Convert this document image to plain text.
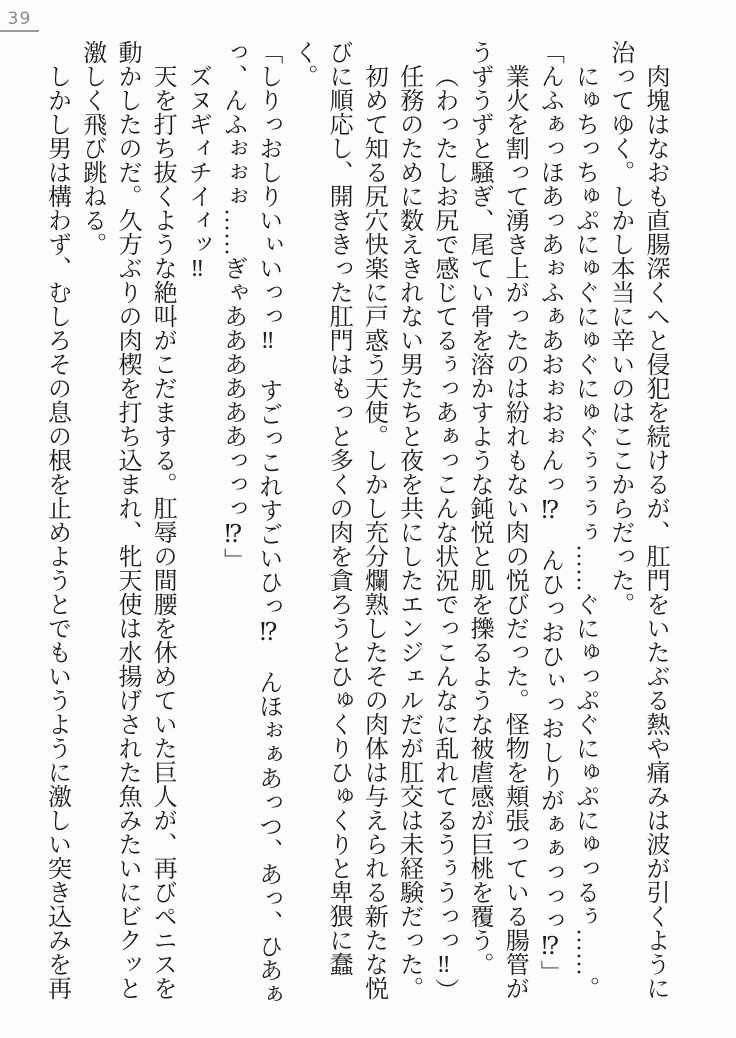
39

肉塊はなおも直腸深くへと侵犯を続けるが、肛門をいたぶる熱や痛みは波が引くように治ってゆく。しかし本当に辛いのはここからだった。

にゅちっちゅぷにゅぐにゅぐにゅぐぅぅぅぅ……ぐにゅっぷぐにゅぷにゅっるぅ……。

「んふぁっほあっあぉふぁあおぉおぉんっ⁉　んひっおひぃっおしりがぁぁっっっ⁉」

業火を割って湧き上がったのは紛れもない肉の悦びだった。怪物を頬張っている腸管がうずうずと騒ぎ、尾てい骨を溶かすような鈍悦と肌を擽るような被虐感が巨桃を覆う。

（わったしお尻で感じてるぅっあぁっこんな状況でっこんなに乱れてるうぅうっっ‼）

任務のために数えきれない男たちと夜を共にしたエンジェルだが肛交は未経験だった。

初めて知る尻穴快楽に戸惑う天使。しかし充分爛熟したその肉体は与えられる新たな悦びに順応し、開ききった肛門はもっと多くの肉を貪ろうとひゅくりひゅくりと卑猥に蠢く。

「しりっおしりいぃいっっ‼　すごっこれすごいひっ⁉　んほぉぁあっつ、あっ、ひあぁっ、んふぉぉぉ……ぎゃああああああっっっ⁉」

ズヌギィチイィッ‼

天を打ち抜くような絶叫がこだまする。肛辱の間腰を休めていた巨人が、再びペニスを動かしたのだ。久方ぶりの肉楔を打ち込まれ、牝天使は水揚げされた魚みたいにビクッと激しく飛び跳ねる。

しかし男は構わず、むしろその息の根を止めようとでもいうように激しい突き込みを再
